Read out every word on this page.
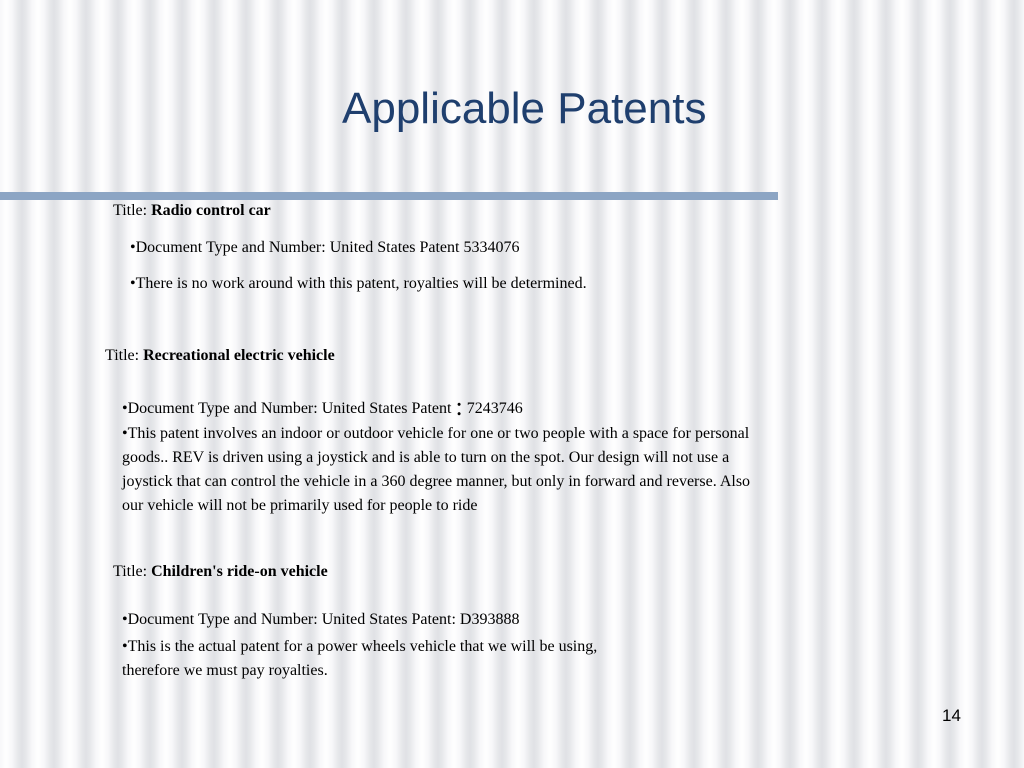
Applicable Patents
Title: Radio control car
•Document Type and Number: United States Patent 5334076
•There is no work around with this patent, royalties will be determined.
Title: Recreational electric vehicle
•Document Type and Number: United States Patent : 7243746
•This patent involves an indoor or outdoor vehicle for one or two people with a space for personal goods.. REV is driven using a joystick and is able to turn on the spot. Our design will not use a joystick that can control the vehicle in a 360 degree manner, but only in forward and reverse. Also our vehicle will not be primarily used for people to ride
Title: Children's ride-on vehicle
•Document Type and Number: United States Patent: D393888
•This is the actual patent for a power wheels vehicle that we will be using, therefore we must pay royalties.
14
